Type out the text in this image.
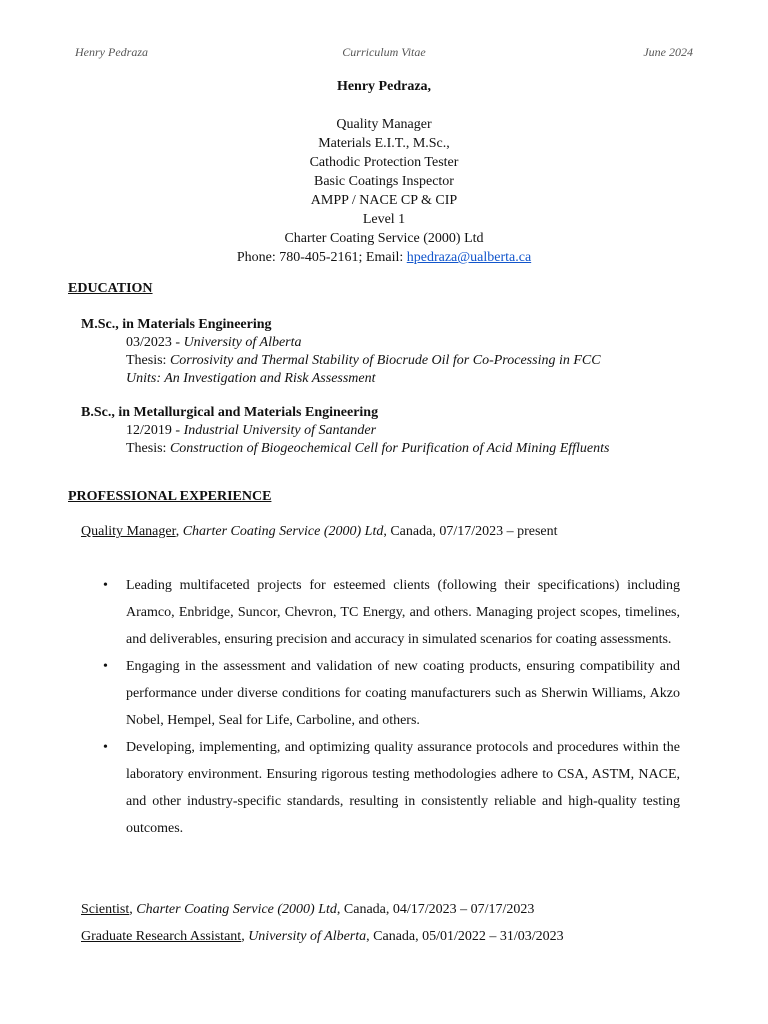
Henry Pedraza	Curriculum Vitae	June 2024
Henry Pedraza,
Quality Manager
Materials E.I.T., M.Sc.,
Cathodic Protection Tester
Basic Coatings Inspector
AMPP / NACE CP & CIP
Level 1
Charter Coating Service (2000) Ltd
Phone: 780-405-2161; Email: hpedraza@ualberta.ca
EDUCATION
M.Sc., in Materials Engineering
03/2023 - University of Alberta
Thesis: Corrosivity and Thermal Stability of Biocrude Oil for Co-Processing in FCC
Units: An Investigation and Risk Assessment
B.Sc., in Metallurgical and Materials Engineering
12/2019 - Industrial University of Santander
Thesis: Construction of Biogeochemical Cell for Purification of Acid Mining Effluents
PROFESSIONAL EXPERIENCE
Quality Manager, Charter Coating Service (2000) Ltd, Canada, 07/17/2023 – present
• Leading multifaceted projects for esteemed clients (following their specifications) including Aramco, Enbridge, Suncor, Chevron, TC Energy, and others. Managing project scopes, timelines, and deliverables, ensuring precision and accuracy in simulated scenarios for coating assessments.
• Engaging in the assessment and validation of new coating products, ensuring compatibility and performance under diverse conditions for coating manufacturers such as Sherwin Williams, Akzo Nobel, Hempel, Seal for Life, Carboline, and others.
• Developing, implementing, and optimizing quality assurance protocols and procedures within the laboratory environment. Ensuring rigorous testing methodologies adhere to CSA, ASTM, NACE, and other industry-specific standards, resulting in consistently reliable and high-quality testing outcomes.
Scientist, Charter Coating Service (2000) Ltd, Canada, 04/17/2023 – 07/17/2023
Graduate Research Assistant, University of Alberta, Canada, 05/01/2022 – 31/03/2023
